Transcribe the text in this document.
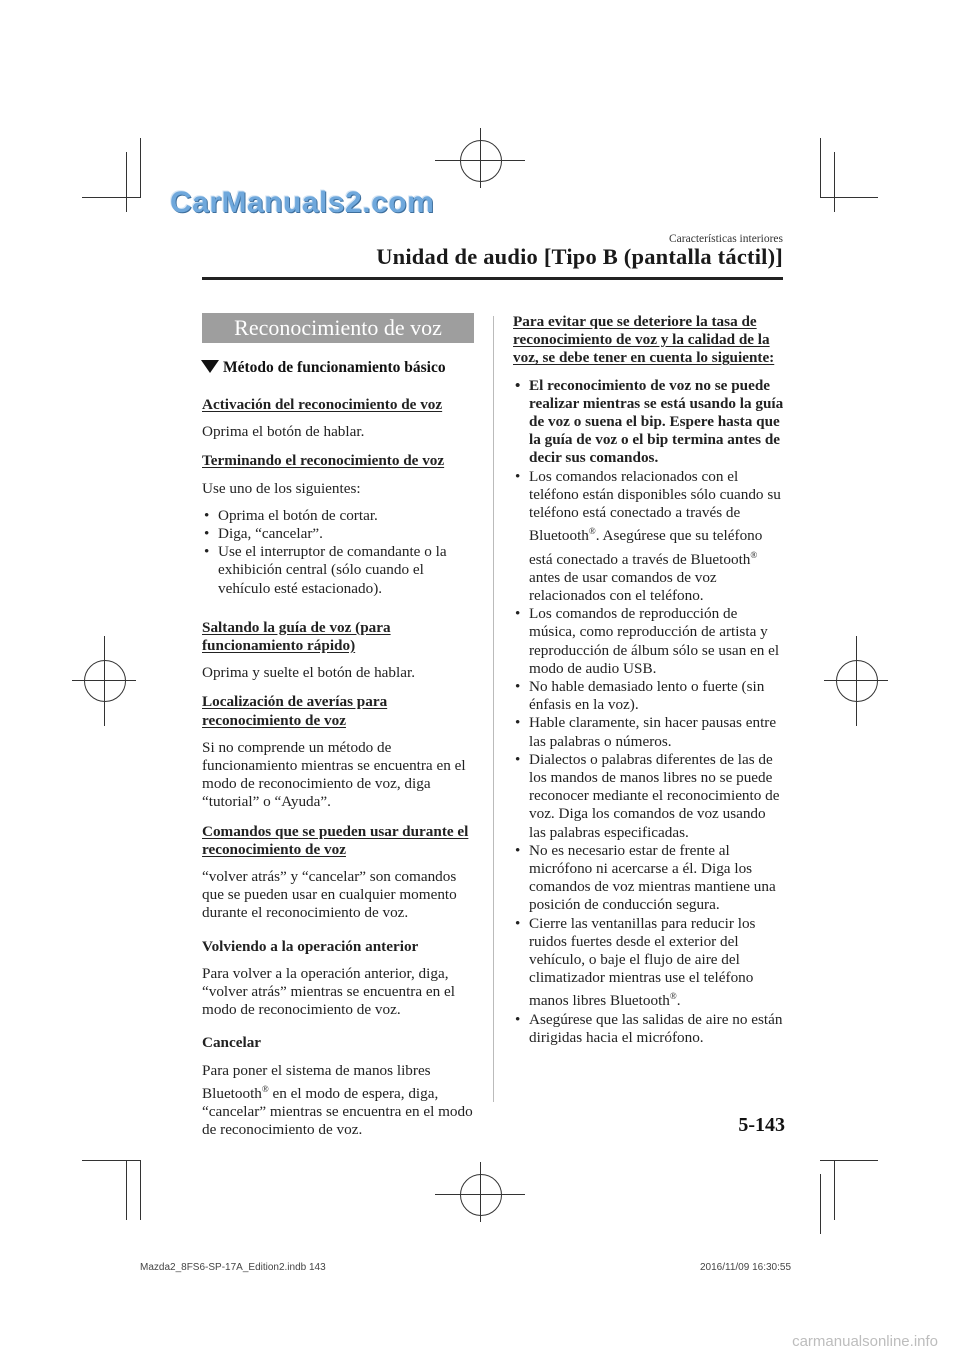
CarManuals2.com
Características interiores
Unidad de audio [Tipo B (pantalla táctil)]
Reconocimiento de voz
Método de funcionamiento básico

Activación del reconocimiento de voz

Oprima el botón de hablar.

Terminando el reconocimiento de voz

Use uno de los siguientes:

• Oprima el botón de cortar.
• Diga, “cancelar”.
• Use el interruptor de comandante o la exhibición central (sólo cuando el vehículo esté estacionado).

Saltando la guía de voz (para funcionamiento rápido)

Oprima y suelte el botón de hablar.

Localización de averías para reconocimiento de voz

Si no comprende un método de funcionamiento mientras se encuentra en el modo de reconocimiento de voz, diga “tutorial” o “Ayuda”.

Comandos que se pueden usar durante el reconocimiento de voz

“volver atrás” y “cancelar” son comandos que se pueden usar en cualquier momento durante el reconocimiento de voz.

Volviendo a la operación anterior

Para volver a la operación anterior, diga, “volver atrás” mientras se encuentra en el modo de reconocimiento de voz.

Cancelar

Para poner el sistema de manos libres Bluetooth® en el modo de espera, diga, “cancelar” mientras se encuentra en el modo de reconocimiento de voz.

Para evitar que se deteriore la tasa de reconocimiento de voz y la calidad de la voz, se debe tener en cuenta lo siguiente:

• El reconocimiento de voz no se puede realizar mientras se está usando la guía de voz o suena el bip. Espere hasta que la guía de voz o el bip termina antes de decir sus comandos.
• Los comandos relacionados con el teléfono están disponibles sólo cuando su teléfono está conectado a través de Bluetooth®. Asegúrese que su teléfono está conectado a través de Bluetooth® antes de usar comandos de voz relacionados con el teléfono.
• Los comandos de reproducción de música, como reproducción de artista y reproducción de álbum sólo se usan en el modo de audio USB.
• No hable demasiado lento o fuerte (sin énfasis en la voz).
• Hable claramente, sin hacer pausas entre las palabras o números.
• Dialectos o palabras diferentes de las de los mandos de manos libres no se puede reconocer mediante el reconocimiento de voz. Diga los comandos de voz usando las palabras especificadas.
• No es necesario estar de frente al micrófono ni acercarse a él. Diga los comandos de voz mientras mantiene una posición de conducción segura.
• Cierre las ventanillas para reducir los ruidos fuertes desde el exterior del vehículo, o baje el flujo de aire del climatizador mientras use el teléfono manos libres Bluetooth®.
• Asegúrese que las salidas de aire no están dirigidas hacia el micrófono.
5-143
Mazda2_8FS6-SP-17A_Edition2.indb 143	2016/11/09 16:30:55
carmanualsonline.info
